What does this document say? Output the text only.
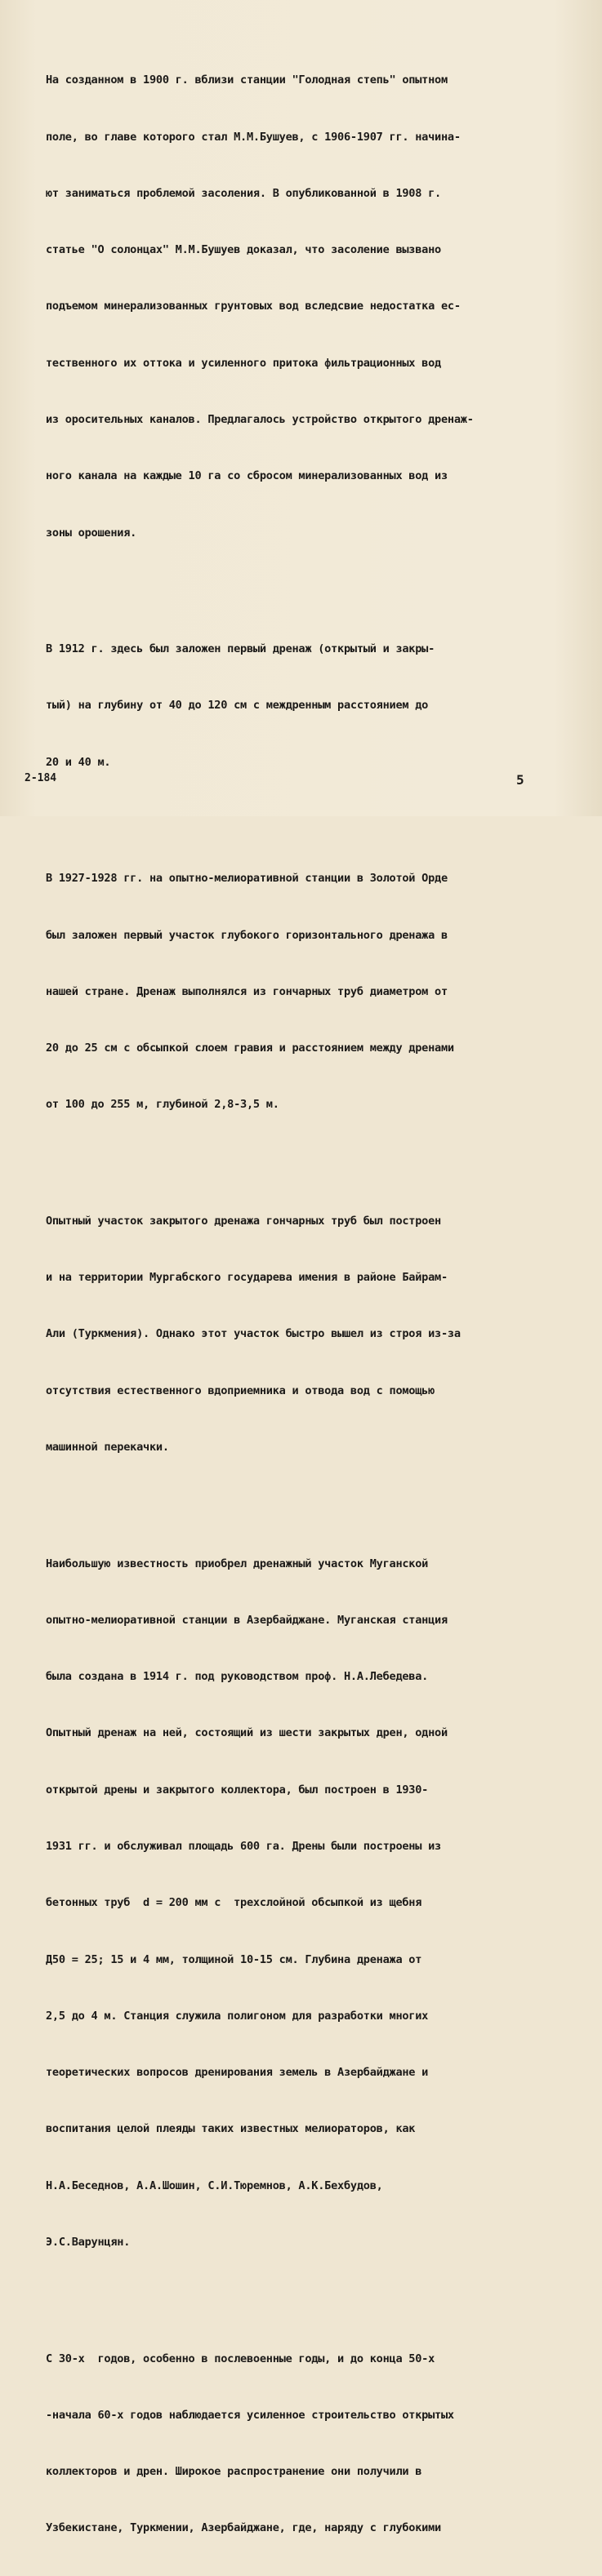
На созданном в 1900 г. вблизи станции "Голодная степь" опытном

поле, во главе которого стал М.М.Бушуев, с 1906-1907 гг. начина-

ют заниматься проблемой засоления. В опубликованной в 1908 г.

статье "О солонцах" М.М.Бушуев доказал, что засоление вызвано

подъемом минерализованных грунтовых вод вследсвие недостатка ес-

тественного их оттока и усиленного притока фильтрационных вод

из оросительных каналов. Предлагалось устройство открытого дренаж-

ного канала на каждые 10 га со сбросом минерализованных вод из

зоны орошения.

В 1912 г. здесь был заложен первый дренаж (открытый и закры-

тый) на глубину от 40 до 120 см с междренным расстоянием до

20 и 40 м.

В 1927-1928 гг. на опытно-мелиоративной станции в Золотой Орде

был заложен первый участок глубокого горизонтального дренажа в

нашей стране. Дренаж выполнялся из гончарных труб диаметром от

20 до 25 см с обсыпкой слоем гравия и расстоянием между дренами

от 100 до 255 м, глубиной 2,8-3,5 м.

Опытный участок закрытого дренажа гончарных труб был построен

и на территории Мургабского государева имения в районе Байрам-

Али (Туркмения). Однако этот участок быстро вышел из строя из-за

отсутствия естественного вдоприемника и отвода вод с помощью

машинной перекачки.

Наибольшую известность приобрел дренажный участок Муганской

опытно-мелиоративной станции в Азербайджане. Муганская станция

была создана в 1914 г. под руководством проф. Н.А.Лебедева.

Опытный дренаж на ней, состоящий из шести закрытых дрен, одной

открытой дрены и закрытого коллектора, был построен в 1930-

1931 гг. и обслуживал площадь 600 га. Дрены были построены из

бетонных труб  d = 200 мм с  трехслойной обсыпкой из щебня

Д50 = 25; 15 и 4 мм, толщиной 10-15 см. Глубина дренажа от

2,5 до 4 м. Станция служила полигоном для разработки многих

теоретических вопросов дренирования земель в Азербайджане и

воспитания целой плеяды таких известных мелиораторов, как

Н.А.Беседнов, А.А.Шошин, С.И.Тюремнов, А.К.Бехбудов,

Э.С.Варунцян.

С 30-х  годов, особенно в послевоенные годы, и до конца 50-х

-начала 60-х годов наблюдается усиленное строительство открытых

коллекторов и дрен. Широкое распространение они получили в

Узбекистане, Туркмении, Азербайджане, где, наряду с глубокими

2-184	5
